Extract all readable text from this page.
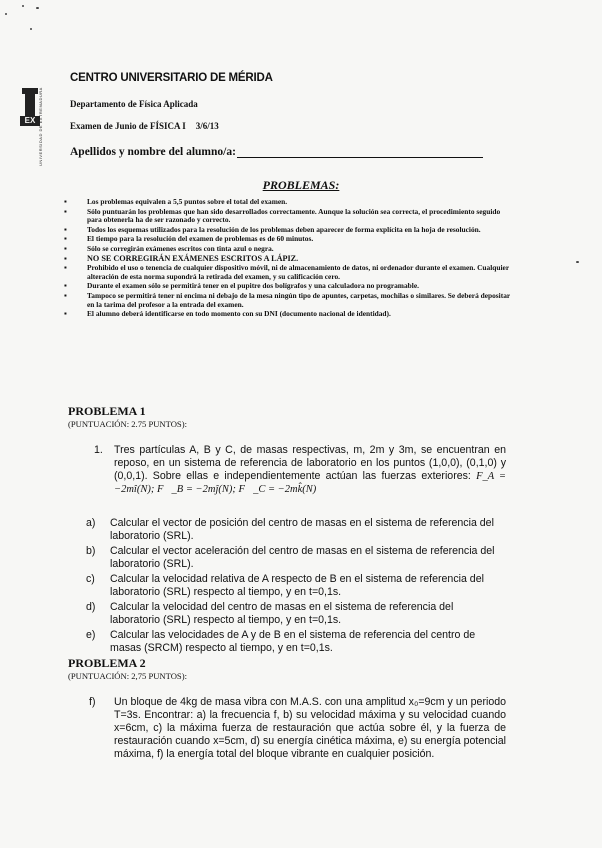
EX UNIVERSIDAD DE EXTREMADURA
CENTRO UNIVERSITARIO DE MÉRIDA
Departamento de Física Aplicada
Examen de Junio de FÍSICA I 3/6/13
Apellidos y nombre del alumno/a:
PROBLEMAS:
▪ Los problemas equivalen a 5,5 puntos sobre el total del examen.
▪ Sólo puntuarán los problemas que han sido desarrollados correctamente. Aunque la solución sea correcta, el procedimiento seguido para obtenerla ha de ser razonado y correcto.
▪ Todos los esquemas utilizados para la resolución de los problemas deben aparecer de forma explícita en la hoja de resolución.
▪ El tiempo para la resolución del examen de problemas es de 60 minutos.
▪ Sólo se corregirán exámenes escritos con tinta azul o negra.
▪ NO SE CORREGIRÁN EXÁMENES ESCRITOS A LÁPIZ.
▪ Prohibido el uso o tenencia de cualquier dispositivo móvil, ni de almacenamiento de datos, ni ordenador durante el examen. Cualquier alteración de esta norma supondrá la retirada del examen, y su calificación cero.
▪ Durante el examen sólo se permitirá tener en el pupitre dos bolígrafos y una calculadora no programable.
▪ Tampoco se permitirá tener ni encima ni debajo de la mesa ningún tipo de apuntes, carpetas, mochilas o similares. Se deberá depositar en la tarima del profesor a la entrada del examen.
▪ El alumno deberá identificarse en todo momento con su DNI (documento nacional de identidad).
PROBLEMA 1
(PUNTUACIÓN: 2.75 PUNTOS):
1. Tres partículas A, B y C, de masas respectivas, m, 2m y 3m, se encuentran en reposo, en un sistema de referencia de laboratorio en los puntos (1,0,0), (0,1,0) y (0,0,1). Sobre ellas e independientemente actúan las fuerzas exteriores: F_A = −2mî(N); F⃗_B = −2mĵ(N); F⃗_C = −2mk̂(N)
a) Calcular el vector de posición del centro de masas en el sistema de referencia del laboratorio (SRL).
b) Calcular el vector aceleración del centro de masas en el sistema de referencia del laboratorio (SRL).
c) Calcular la velocidad relativa de A respecto de B en el sistema de referencia del laboratorio (SRL) respecto al tiempo, y en t=0,1s.
d) Calcular la velocidad del centro de masas en el sistema de referencia del laboratorio (SRL) respecto al tiempo, y en t=0,1s.
e) Calcular las velocidades de A y de B en el sistema de referencia del centro de masas (SRCM) respecto al tiempo, y en t=0,1s.
PROBLEMA 2
(PUNTUACIÓN: 2,75 PUNTOS):
f) Un bloque de 4kg de masa vibra con M.A.S. con una amplitud x₀=9cm y un periodo T=3s. Encontrar: a) la frecuencia f, b) su velocidad máxima y su velocidad cuando x=6cm, c) la máxima fuerza de restauración que actúa sobre él, y la fuerza de restauración cuando x=5cm, d) su energía cinética máxima, e) su energía potencial máxima, f) la energía total del bloque vibrante en cualquier posición.
